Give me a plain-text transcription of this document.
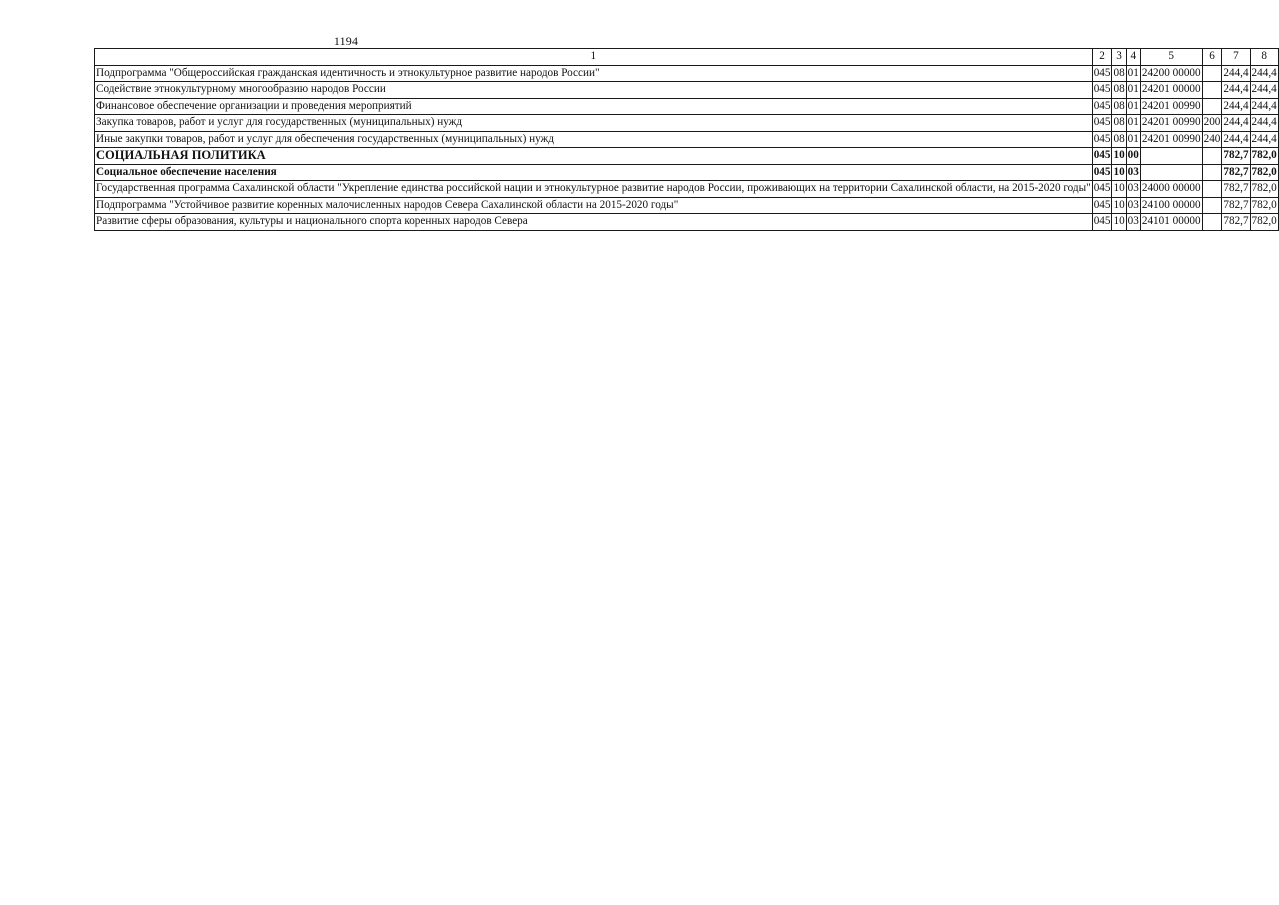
1194
1	2	3	4	5	6	7	8
Подпрограмма "Общероссийская гражданская идентичность и этнокультурное развитие народов России"	045	08	01	24200 00000		244,4	244,4
Содействие этнокультурному многообразию народов России	045	08	01	24201 00000		244,4	244,4
Финансовое обеспечение организации и проведения мероприятий	045	08	01	24201 00990		244,4	244,4
Закупка товаров, работ и услуг для государственных (муниципальных) нужд	045	08	01	24201 00990	200	244,4	244,4
Иные закупки товаров, работ и услуг для обеспечения государственных (муниципальных) нужд	045	08	01	24201 00990	240	244,4	244,4
СОЦИАЛЬНАЯ ПОЛИТИКА	045	10	00			782,7	782,0
Социальное обеспечение населения	045	10	03			782,7	782,0
Государственная программа Сахалинской области "Укрепление единства российской нации и этнокультурное развитие народов России, проживающих на территории Сахалинской области, на 2015-2020 годы"	045	10	03	24000 00000		782,7	782,0
Подпрограмма "Устойчивое развитие коренных малочисленных народов Севера Сахалинской области на 2015-2020 годы"	045	10	03	24100 00000		782,7	782,0
Развитие сферы образования, культуры и национального спорта коренных народов Севера	045	10	03	24101 00000		782,7	782,0
